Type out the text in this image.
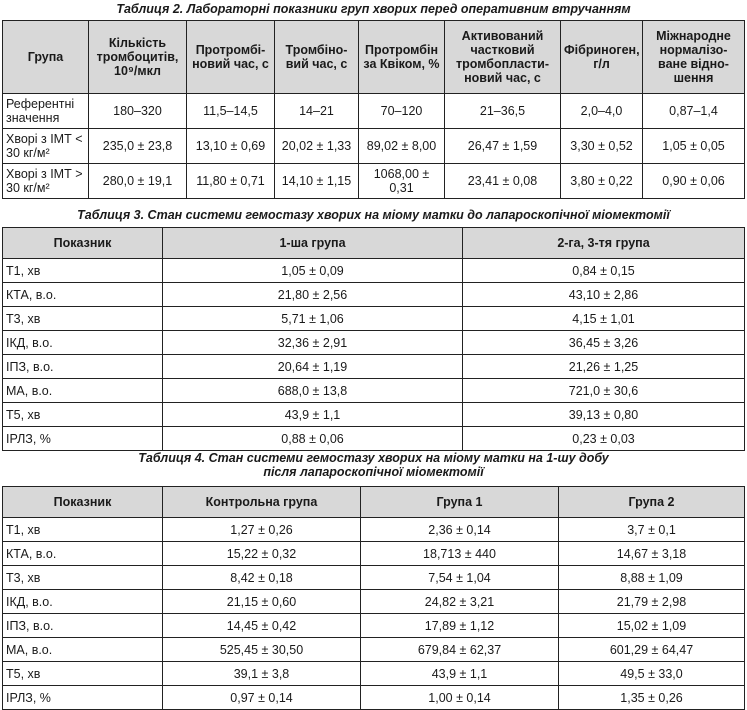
Таблиця 2. Лабораторні показники груп хворих перед оперативним втручанням
Група	Кількість тромбоцитів, 10⁹/мкл	Протромбі-новий час, с	Тромбіно-вий час, с	Протромбін за Квіком, %	Активований частковий тромбопласти-новий час, с	Фібриноген, г/л	Міжнародне нормалізо-ване відно-шення
Референтні значення	180–320	11,5–14,5	14–21	70–120	21–36,5	2,0–4,0	0,87–1,4
Хворі з ІМТ < 30 кг/м²	235,0 ± 23,8	13,10 ± 0,69	20,02 ± 1,33	89,02 ± 8,00	26,47 ± 1,59	3,30 ± 0,52	1,05 ± 0,05
Хворі з ІМТ > 30 кг/м²	280,0 ± 19,1	11,80 ± 0,71	14,10 ± 1,15	1068,00 ± 0,31	23,41 ± 0,08	3,80 ± 0,22	0,90 ± 0,06
Таблиця 3. Стан системи гемостазу хворих на міому матки до лапароскопічної міомектомії
Показник	1-ша група	2-га, 3-тя група
Т1, хв	1,05 ± 0,09	0,84 ± 0,15
КТА, в.о.	21,80 ± 2,56	43,10 ± 2,86
Т3, хв	5,71 ± 1,06	4,15 ± 1,01
ІКД, в.о.	32,36 ± 2,91	36,45 ± 3,26
ІПЗ, в.о.	20,64 ± 1,19	21,26 ± 1,25
МА, в.о.	688,0 ± 13,8	721,0 ± 30,6
Т5, хв	43,9 ± 1,1	39,13 ± 0,80
ІРЛЗ, %	0,88 ± 0,06	0,23 ± 0,03
Таблиця 4. Стан системи гемостазу хворих на міому матки на 1-шу добу
після лапароскопічної міомектомії
Показник	Контрольна група	Група 1	Група 2
Т1, хв	1,27 ± 0,26	2,36 ± 0,14	3,7 ± 0,1
КТА, в.о.	15,22 ± 0,32	18,713 ± 440	14,67 ± 3,18
Т3, хв	8,42 ± 0,18	7,54 ± 1,04	8,88 ± 1,09
ІКД, в.о.	21,15 ± 0,60	24,82 ± 3,21	21,79 ± 2,98
ІПЗ, в.о.	14,45 ± 0,42	17,89 ± 1,12	15,02 ± 1,09
МА, в.о.	525,45 ± 30,50	679,84 ± 62,37	601,29 ± 64,47
Т5, хв	39,1 ± 3,8	43,9 ± 1,1	49,5 ± 33,0
ІРЛЗ, %	0,97 ± 0,14	1,00 ± 0,14	1,35 ± 0,26
